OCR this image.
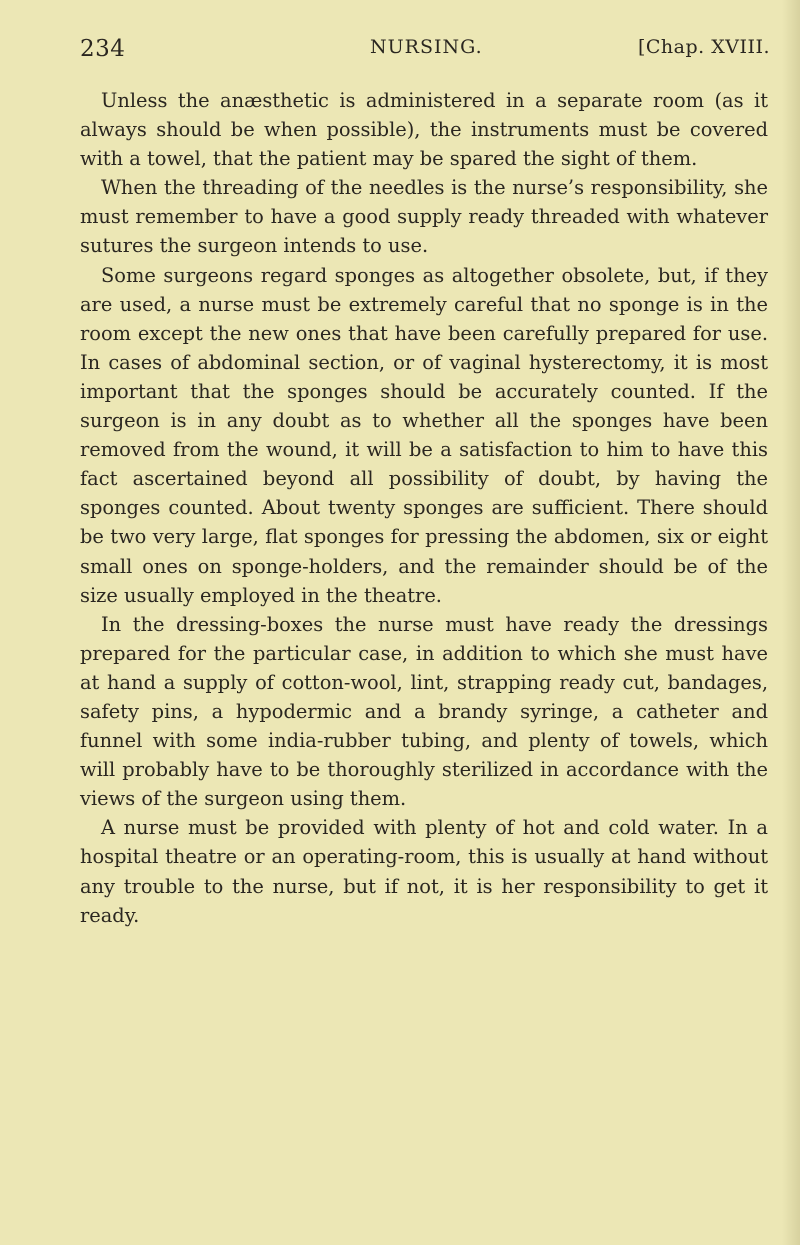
234	NURSING.	[Chap. XVIII.

Unless the anæsthetic is administered in a separate room (as it always should be when possible), the instruments must be covered with a towel, that the patient may be spared the sight of them.

When the threading of the needles is the nurse’s responsibility, she must remember to have a good supply ready threaded with whatever sutures the surgeon intends to use.

Some surgeons regard sponges as altogether obsolete, but, if they are used, a nurse must be extremely careful that no sponge is in the room except the new ones that have been carefully prepared for use. In cases of abdominal section, or of vaginal hysterectomy, it is most important that the sponges should be accurately counted. If the surgeon is in any doubt as to whether all the sponges have been removed from the wound, it will be a satisfaction to him to have this fact ascertained beyond all possibility of doubt, by having the sponges counted. About twenty sponges are sufficient. There should be two very large, flat sponges for pressing the abdomen, six or eight small ones on sponge-holders, and the remainder should be of the size usually employed in the theatre.

In the dressing-boxes the nurse must have ready the dressings prepared for the particular case, in addition to which she must have at hand a supply of cotton-wool, lint, strapping ready cut, bandages, safety pins, a hypodermic and a brandy syringe, a catheter and funnel with some india-rubber tubing, and plenty of towels, which will probably have to be thoroughly sterilized in accordance with the views of the surgeon using them.

A nurse must be provided with plenty of hot and cold water. In a hospital theatre or an operating-room, this is usually at hand without any trouble to the nurse, but if not, it is her responsibility to get it ready.
